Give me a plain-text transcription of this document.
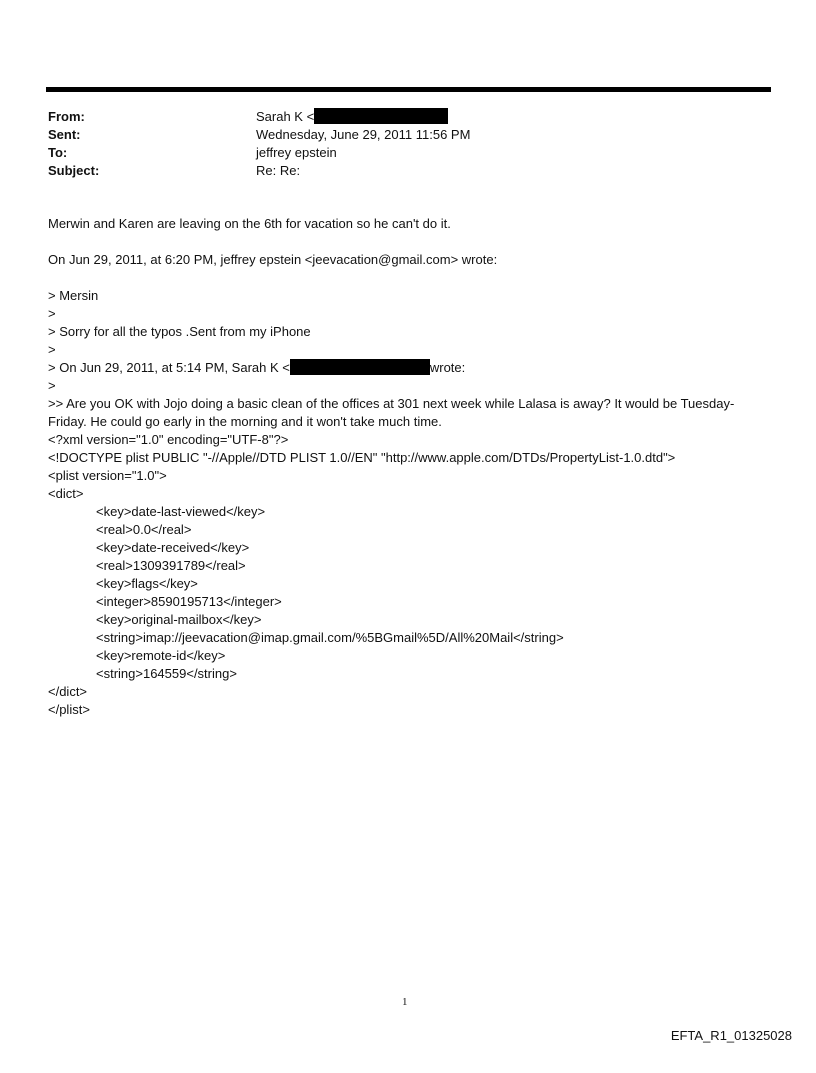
From:	Sarah K <
Sent:	Wednesday, June 29, 2011 11:56 PM
To:	jeffrey epstein
Subject:	Re: Re:
Merwin and Karen are leaving on the 6th for vacation so he can't do it.
On Jun 29, 2011, at 6:20 PM, jeffrey epstein <jeevacation@gmail.com> wrote:
> Mersin
>
> Sorry for all the typos .Sent from my iPhone
>
> On Jun 29, 2011, at 5:14 PM, Sarah K <	wrote:
>
>> Are you OK with Jojo doing a basic clean of the offices at 301 next week while Lalasa is away? It would be Tuesday-
Friday. He could go early in the morning and it won't take much time.
<?xml version="1.0" encoding="UTF-8"?>
<!DOCTYPE plist PUBLIC "-//Apple//DTD PLIST 1.0//EN" "http://www.apple.com/DTDs/PropertyList-1.0.dtd">
<plist version="1.0">
<dict>
<key>date-last-viewed</key>
<real>0.0</real>
<key>date-received</key>
<real>1309391789</real>
<key>flags</key>
<integer>8590195713</integer>
<key>original-mailbox</key>
<string>imap://jeevacation@imap.gmail.com/%5BGmail%5D/All%20Mail</string>
<key>remote-id</key>
<string>164559</string>
</dict>
</plist>
1
EFTA_R1_01325028
